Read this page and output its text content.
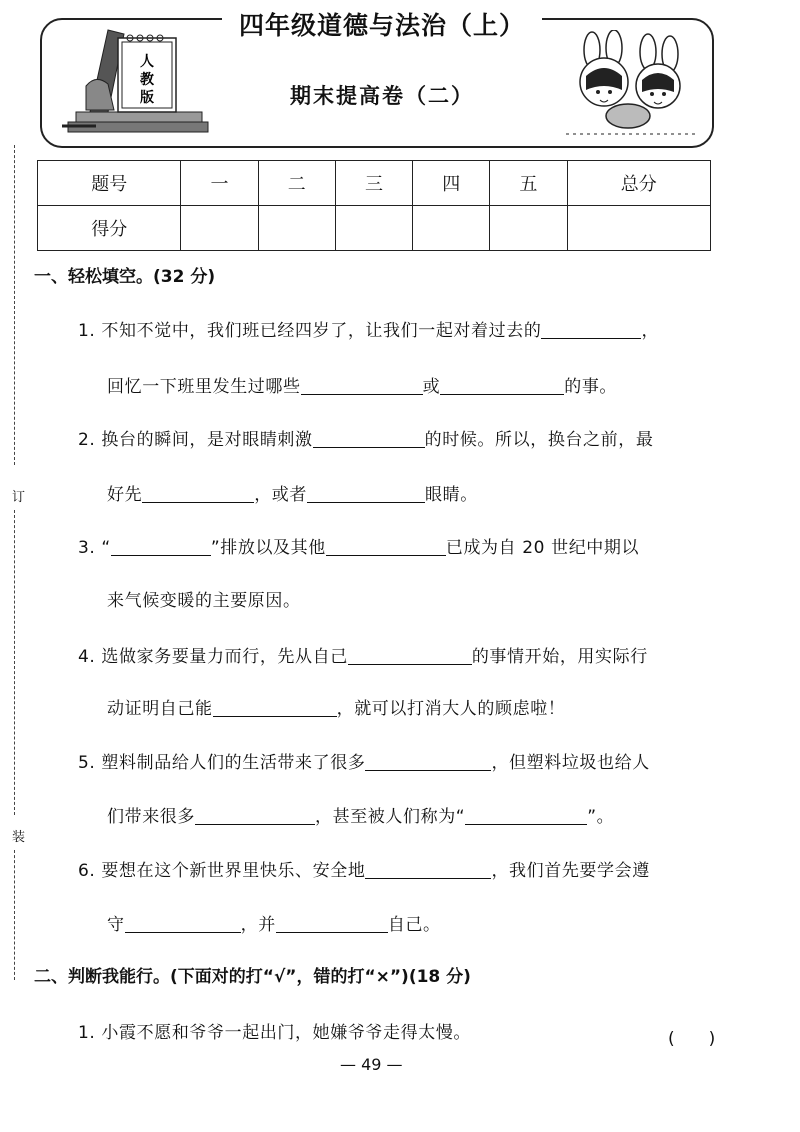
订
装
四年级道德与法治（上）
期末提高卷（二）
人
教
版
题号	一	二	三	四	五	总分
得分						
一、轻松填空。(32 分)
1. 不知不觉中，我们班已经四岁了，让我们一起对着过去的	，
回忆一下班里发生过哪些	或	的事。
2. 换台的瞬间，是对眼睛刺激	的时候。所以，换台之前，最
好先	，或者	眼睛。
3. “	”排放以及其他	已成为自 20 世纪中期以
来气候变暖的主要原因。
4. 选做家务要量力而行，先从自己	的事情开始，用实际行
动证明自己能	，就可以打消大人的顾虑啦！
5. 塑料制品给人们的生活带来了很多	，但塑料垃圾也给人
们带来很多	，甚至被人们称为“	”。
6. 要想在这个新世界里快乐、安全地	，我们首先要学会遵
守	，并	自己。
二、判断我能行。(下面对的打“√”，错的打“×”)(18 分)
1. 小霞不愿和爷爷一起出门，她嫌爷爷走得太慢。	(　　)
— 49 —
